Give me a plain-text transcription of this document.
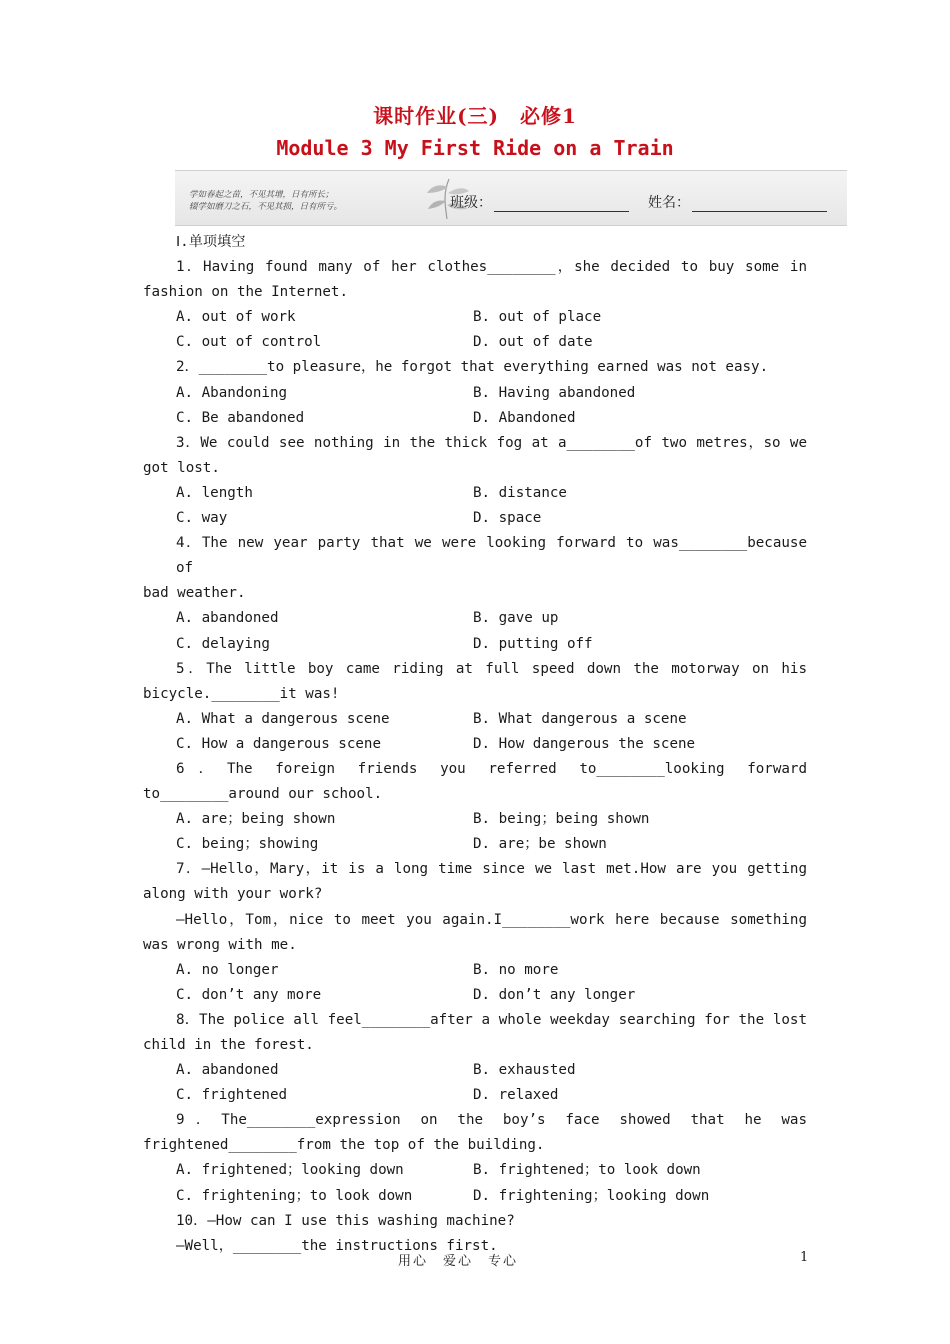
课时作业(三)　必修1
Module 3 My First Ride on a Train
学如春起之苗，不见其增，日有所长；
辍学如磨刀之石，不见其损，日有所亏。	班级：	姓名：
Ⅰ.单项填空
1．Having found many of her clothes________，she decided to buy some in
fashion on the Internet.
A. out of work	B. out of place
C. out of control	D. out of date
2．________to pleasure，he forgot that everything earned was not easy.
A. Abandoning	B. Having abandoned
C. Be abandoned	D. Abandoned
3．We could see nothing in the thick fog at a________of two metres，so we
got lost.
A. length	B. distance
C. way	D. space
4．The new year party that we were looking forward to was________because of
bad weather.
A. abandoned	B. gave up
C. delaying	D. putting off
5．The little boy came riding at full speed down the motorway on his
bicycle.________it was!
A. What a dangerous scene	B. What dangerous a scene
C. How a dangerous scene	D. How dangerous the scene
6．The foreign friends you referred to________looking forward
to________around our school.
A. are；being shown	B. being；being shown
C. being；showing	D. are；be shown
7．—Hello，Mary，it is a long time since we last met.How are you getting
along with your work?
—Hello，Tom，nice to meet you again.I________work here because something
was wrong with me.
A. no longer	B. no more
C. don’t any more	D. don’t any longer
8．The police all feel________after a whole weekday searching for the lost
child in the forest.
A. abandoned	B. exhausted
C. frightened	D. relaxed
9．The________expression on the boy’s face showed that he was
frightened________from the top of the building.
A. frightened；looking down	B. frightened；to look down
C. frightening；to look down	D. frightening；looking down
10．—How can I use this washing machine?
—Well，________the instructions first.
用心　爱心　专心	1
